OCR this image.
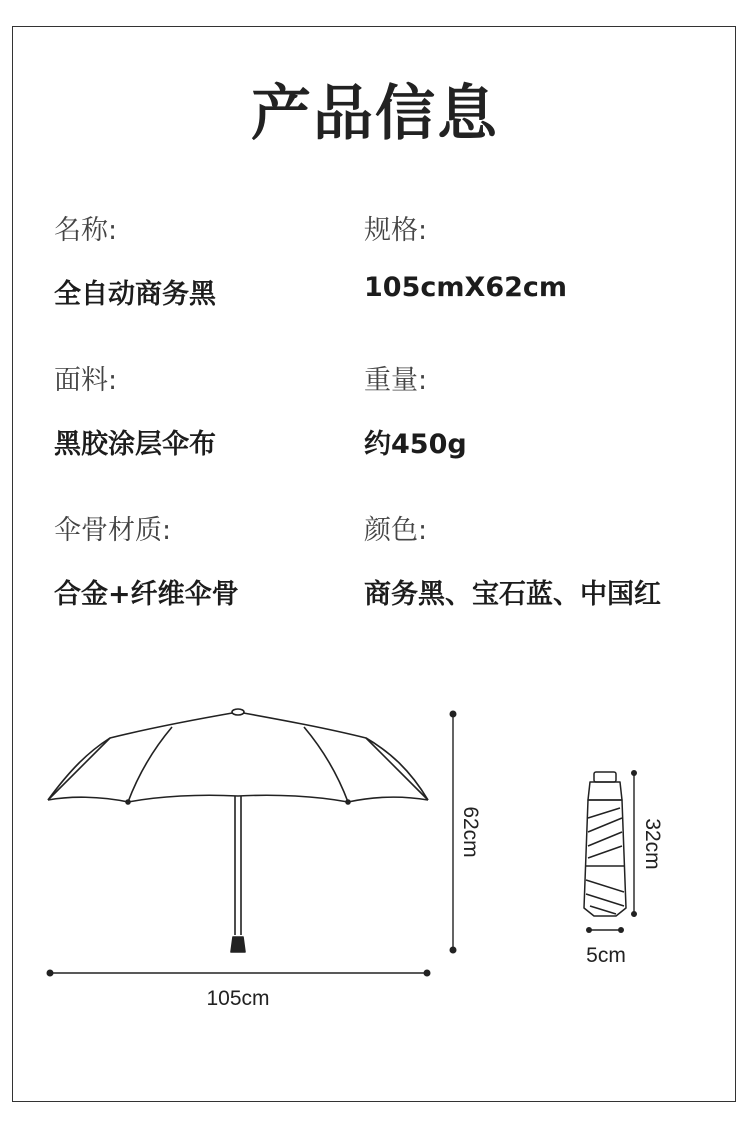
产品信息
名称:
全自动商务黑
规格:
105cmX62cm
面料:
黑胶涂层伞布
重量:
约450g
伞骨材质:
合金+纤维伞骨
颜色:
商务黑、宝石蓝、中国红
105cm
62cm	32cm
5cm
